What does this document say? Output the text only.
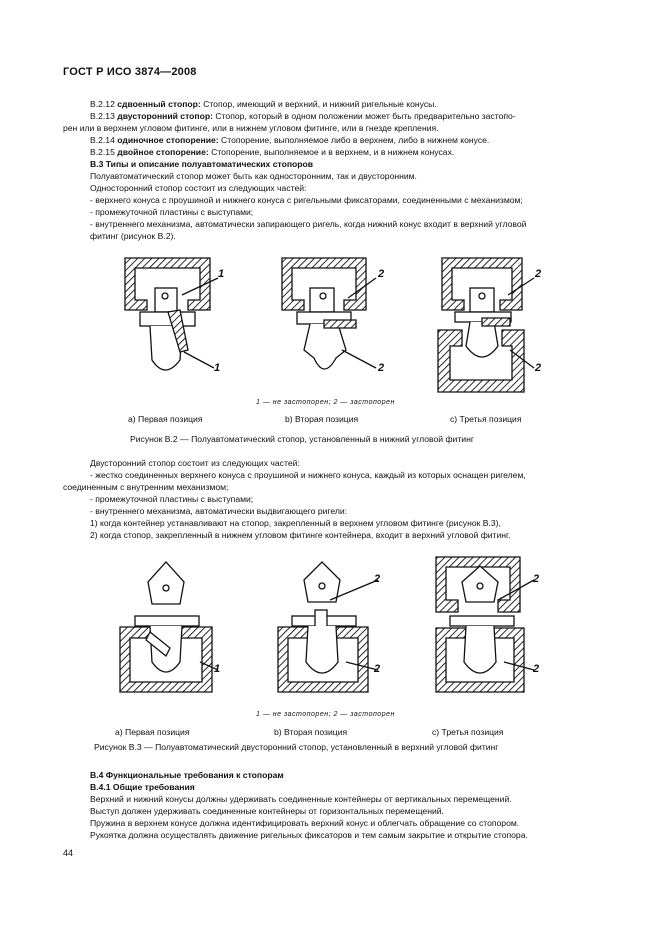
ГОСТ Р ИСО 3874—2008
B.2.12 сдвоенный стопор: Стопор, имеющий и верхний, и нижний ригельные конусы.
B.2.13 двусторонний стопор: Стопор, который в одном положении может быть предварительно застопо-
рен или в верхнем угловом фитинге, или в нижнем угловом фитинге, или в гнезде крепления.
B.2.14 одиночное стопорение: Стопорение, выполняемое либо в верхнем, либо в нижнем конусе.
B.2.15 двойное стопорение: Стопорение, выполняемое и в верхнем, и в нижнем конусах.
B.3 Типы и описание полуавтоматических стопоров
Полуавтоматический стопор может быть как односторонним, так и двусторонним.
Односторонний стопор состоит из следующих частей:
- верхнего конуса с проушиной и нижнего конуса с ригельными фиксаторами, соединенными с механизмом;
- промежуточной пластины с выступами;
- внутреннего механизма, автоматически запирающего ригель, когда нижний конус входит в верхний угловой
фитинг (рисунок B.2).
1
1
2
2
2
2
1 — не застопорен; 2 — застопорен
а) Первая позиция	b) Вторая позиция	с) Третья позиция
Рисунок B.2 — Полуавтоматический стопор, установленный в нижний угловой фитинг
Двусторонний стопор состоит из следующих частей:
- жестко соединенных верхнего конуса с проушиной и нижнего конуса, каждый из которых оснащен ригелем,
соединенным с внутренним механизмом;
- промежуточной пластины с выступами;
- внутреннего механизма, автоматически выдвигающего ригели:
1) когда контейнер устанавливают на стопор, закрепленный в верхнем угловом фитинге (рисунок B.3),
2) когда стопор, закрепленный в нижнем угловом фитинге контейнера, входит в верхний угловой фитинг.
1
2
2
2
2
1 — не застопорен; 2 — застопорен
а) Первая позиция	b) Вторая позиция	с) Третья позиция
Рисунок B.3 — Полуавтоматический двусторонний стопор, установленный в верхний угловой фитинг
B.4 Функциональные требования к стопорам
B.4.1 Общие требования
Верхний и нижний конусы должны удерживать соединенные контейнеры от вертикальных перемещений.
Выступ должен удерживать соединенные контейнеры от горизонтальных перемещений.
Пружина в верхнем конусе должна идентифицировать верхний конус и облегчать обращение со стопором.
Рукоятка должна осуществлять движение ригельных фиксаторов и тем самым закрытие и открытие стопора.
44
